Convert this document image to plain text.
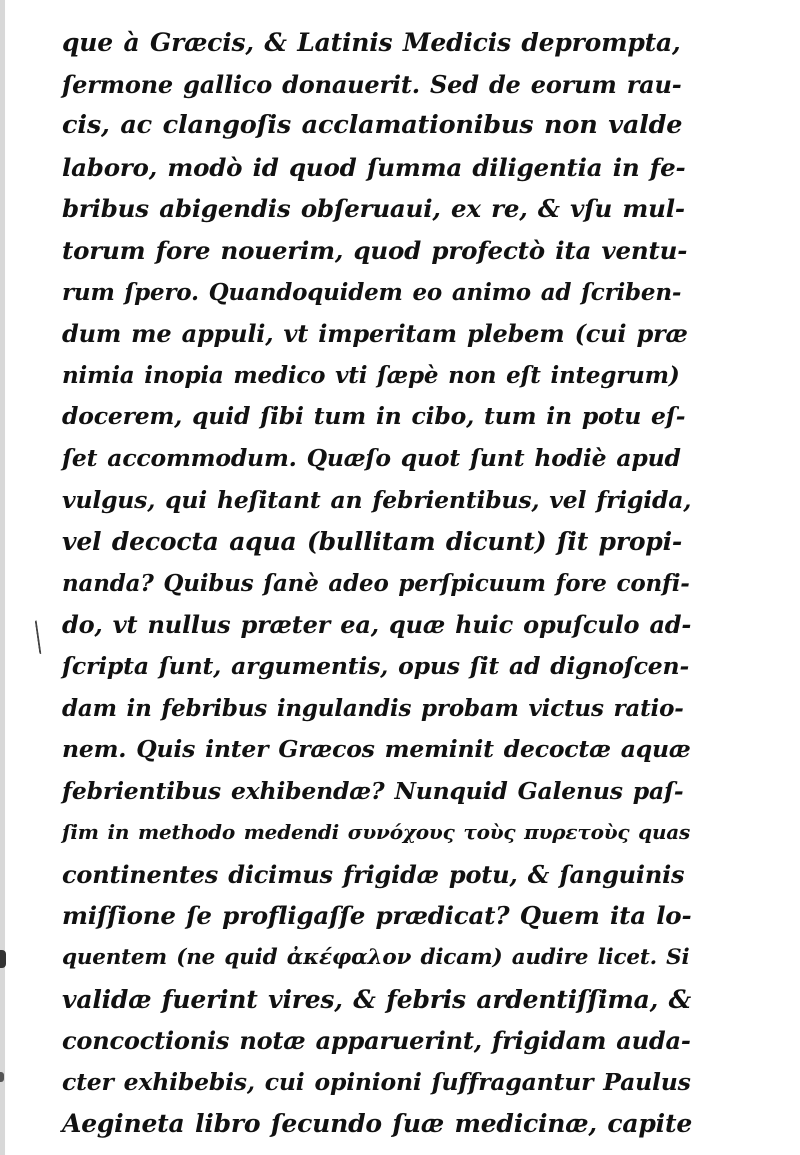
que à Græcis, & Latinis Medicis deprompta,
ſermone gallico donauerit. Sed de eorum rau-
cis, ac clangoſis acclamationibus non valde
laboro, modò id quod ſumma diligentia in fe-
bribus abigendis obſeruaui, ex re, & vſu mul-
torum fore nouerim, quod profectò ita ventu-
rum ſpero. Quandoquidem eo animo ad ſcriben-
dum me appuli, vt imperitam plebem (cui præ
nimia inopia medico vti ſæpè non eſt integrum)
docerem, quid ſibi tum in cibo, tum in potu eſ-
ſet accommodum. Quæſo quot ſunt hodiè apud
vulgus, qui heſitant an febrientibus, vel frigida,
vel decocta aqua (bullitam dicunt) ſit propi-
nanda? Quibus ſanè adeo perſpicuum fore confi-
do, vt nullus præter ea, quæ huic opuſculo ad-
ſcripta ſunt, argumentis, opus ſit ad dignoſcen-
dam in febribus ingulandis probam victus ratio-
nem. Quis inter Græcos meminit decoctæ aquæ
febrientibus exhibendæ? Nunquid Galenus paſ-
ſim in methodo medendi συνόχους τοὺς πυρετοὺς quas
continentes dicimus frigidæ potu, & ſanguinis
miſſione ſe profligaſſe prædicat? Quem ita lo-
quentem (ne quid ἀκέφαλον dicam) audire licet. Si
validæ fuerint vires, & febris ardentiſſima, &
concoctionis notæ apparuerint, frigidam auda-
cter exhibebis, cui opinioni ſuffragantur Paulus
Aegineta libro ſecundo ſuæ medicinæ, capite
